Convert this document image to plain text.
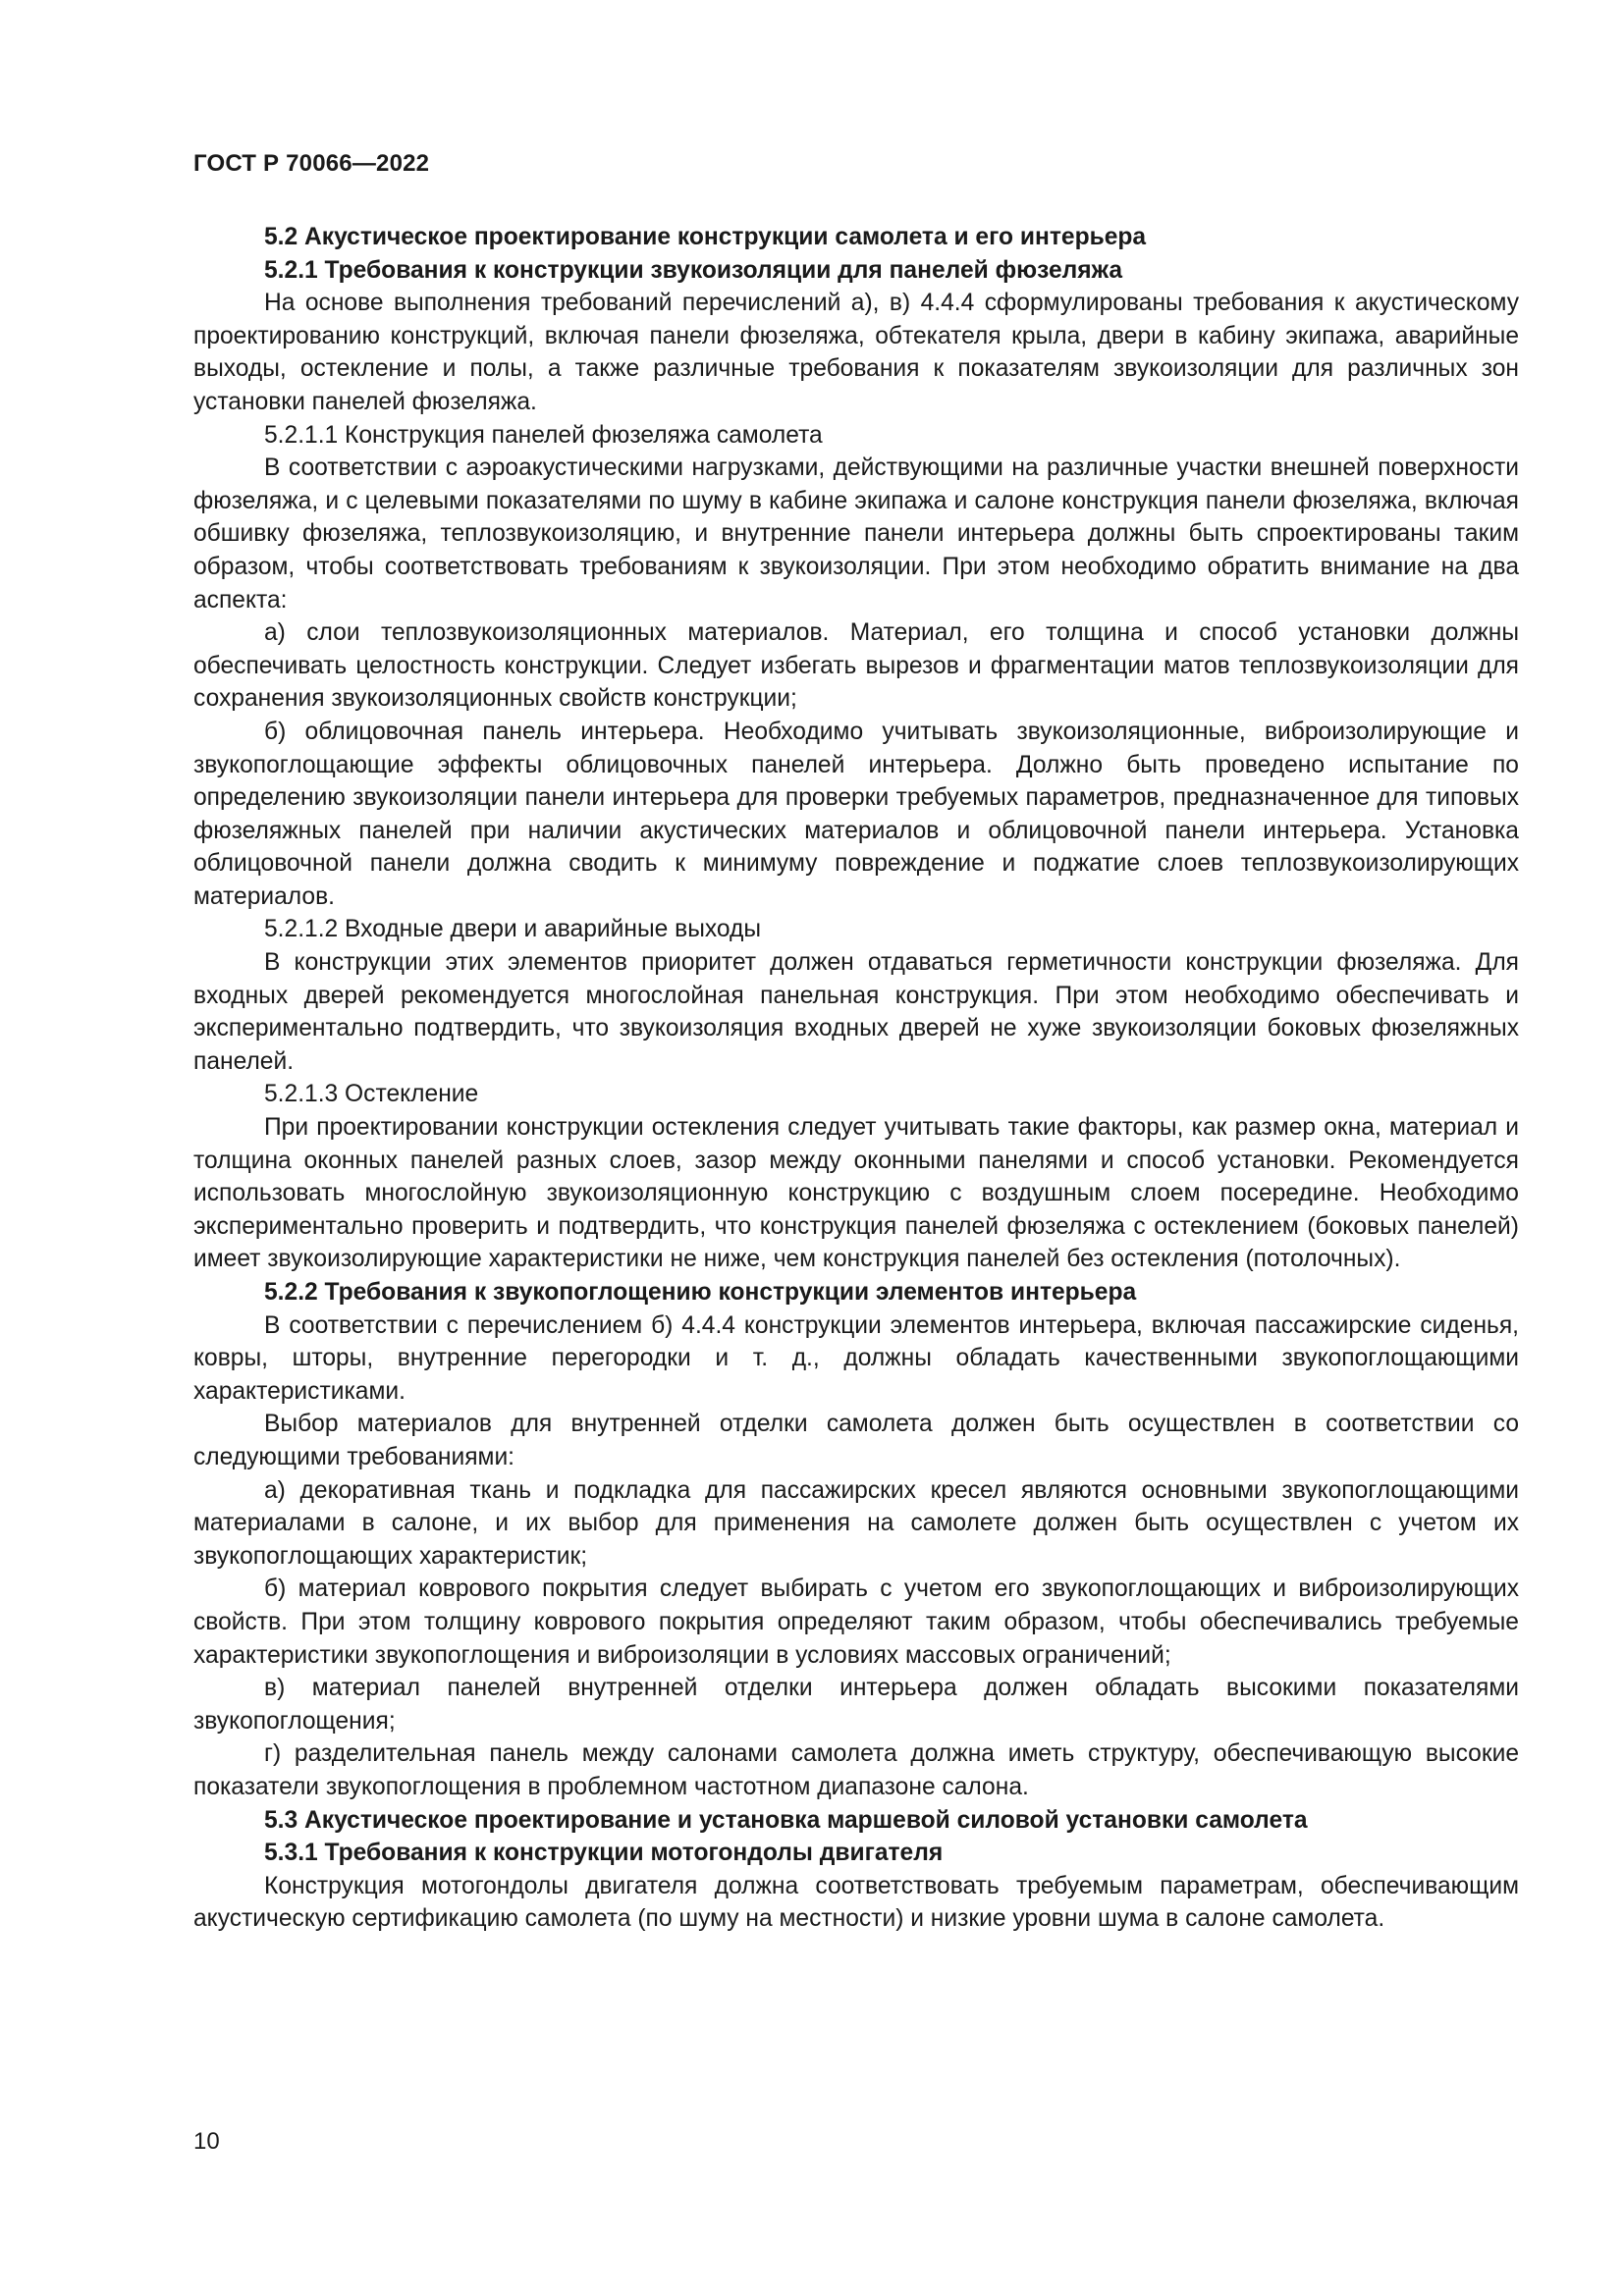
ГОСТ Р 70066—2022

5.2 Акустическое проектирование конструкции самолета и его интерьера

5.2.1 Требования к конструкции звукоизоляции для панелей фюзеляжа

На основе выполнения требований перечислений а), в) 4.4.4 сформулированы требования к акустическому проектированию конструкций, включая панели фюзеляжа, обтекателя крыла, двери в кабину экипажа, аварийные выходы, остекление и полы, а также различные требования к показателям звукоизоляции для различных зон установки панелей фюзеляжа.

5.2.1.1 Конструкция панелей фюзеляжа самолета

В соответствии с аэроакустическими нагрузками, действующими на различные участки внешней поверхности фюзеляжа, и с целевыми показателями по шуму в кабине экипажа и салоне конструкция панели фюзеляжа, включая обшивку фюзеляжа, теплозвукоизоляцию, и внутренние панели интерьера должны быть спроектированы таким образом, чтобы соответствовать требованиям к звукоизоляции. При этом необходимо обратить внимание на два аспекта:

а) слои теплозвукоизоляционных материалов. Материал, его толщина и способ установки должны обеспечивать целостность конструкции. Следует избегать вырезов и фрагментации матов теплозвукоизоляции для сохранения звукоизоляционных свойств конструкции;

б) облицовочная панель интерьера. Необходимо учитывать звукоизоляционные, виброизолирующие и звукопоглощающие эффекты облицовочных панелей интерьера. Должно быть проведено испытание по определению звукоизоляции панели интерьера для проверки требуемых параметров, предназначенное для типовых фюзеляжных панелей при наличии акустических материалов и облицовочной панели интерьера. Установка облицовочной панели должна сводить к минимуму повреждение и поджатие слоев теплозвукоизолирующих материалов.

5.2.1.2 Входные двери и аварийные выходы

В конструкции этих элементов приоритет должен отдаваться герметичности конструкции фюзеляжа. Для входных дверей рекомендуется многослойная панельная конструкция. При этом необходимо обеспечивать и экспериментально подтвердить, что звукоизоляция входных дверей не хуже звукоизоляции боковых фюзеляжных панелей.

5.2.1.3 Остекление

При проектировании конструкции остекления следует учитывать такие факторы, как размер окна, материал и толщина оконных панелей разных слоев, зазор между оконными панелями и способ установки. Рекомендуется использовать многослойную звукоизоляционную конструкцию с воздушным слоем посередине. Необходимо экспериментально проверить и подтвердить, что конструкция панелей фюзеляжа с остеклением (боковых панелей) имеет звукоизолирующие характеристики не ниже, чем конструкция панелей без остекления (потолочных).

5.2.2 Требования к звукопоглощению конструкции элементов интерьера

В соответствии с перечислением б) 4.4.4 конструкции элементов интерьера, включая пассажирские сиденья, ковры, шторы, внутренние перегородки и т. д., должны обладать качественными звукопоглощающими характеристиками.

Выбор материалов для внутренней отделки самолета должен быть осуществлен в соответствии со следующими требованиями:

а) декоративная ткань и подкладка для пассажирских кресел являются основными звукопоглощающими материалами в салоне, и их выбор для применения на самолете должен быть осуществлен с учетом их звукопоглощающих характеристик;

б) материал коврового покрытия следует выбирать с учетом его звукопоглощающих и виброизолирующих свойств. При этом толщину коврового покрытия определяют таким образом, чтобы обеспечивались требуемые характеристики звукопоглощения и виброизоляции в условиях массовых ограничений;

в) материал панелей внутренней отделки интерьера должен обладать высокими показателями звукопоглощения;

г) разделительная панель между салонами самолета должна иметь структуру, обеспечивающую высокие показатели звукопоглощения в проблемном частотном диапазоне салона.

5.3 Акустическое проектирование и установка маршевой силовой установки самолета

5.3.1 Требования к конструкции мотогондолы двигателя

Конструкция мотогондолы двигателя должна соответствовать требуемым параметрам, обеспечивающим акустическую сертификацию самолета (по шуму на местности) и низкие уровни шума в салоне самолета.

10
